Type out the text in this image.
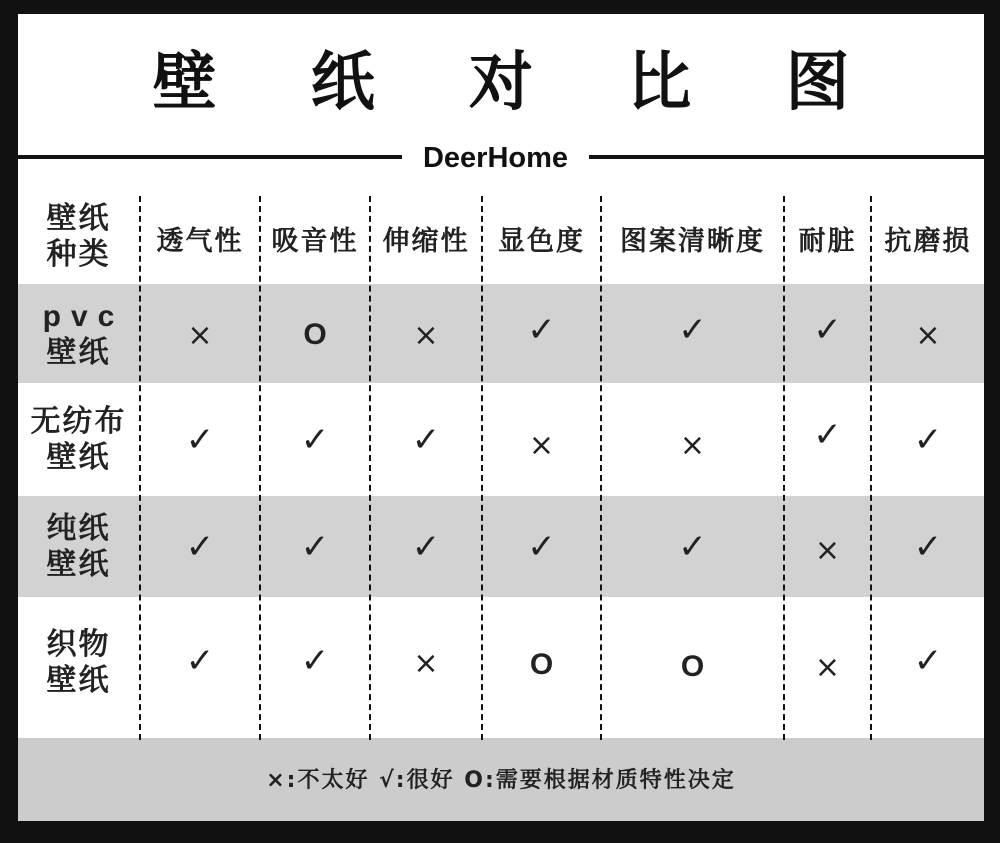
壁 纸 对 比 图
DeerHome
壁纸
种类	透气性	吸音性 伸缩性	显色度	图案清晰度	耐脏	抗磨损
pvc
壁纸	×	O	×	✓	✓	✓	×
无纺布
壁纸	✓	✓	✓	×	×	✓	✓
纯纸
壁纸	✓	✓	✓	✓	✓	×	✓
织物
壁纸	✓	✓	×	O	O	×	✓
×:不太好 √:很好 O:需要根据材质特性决定
